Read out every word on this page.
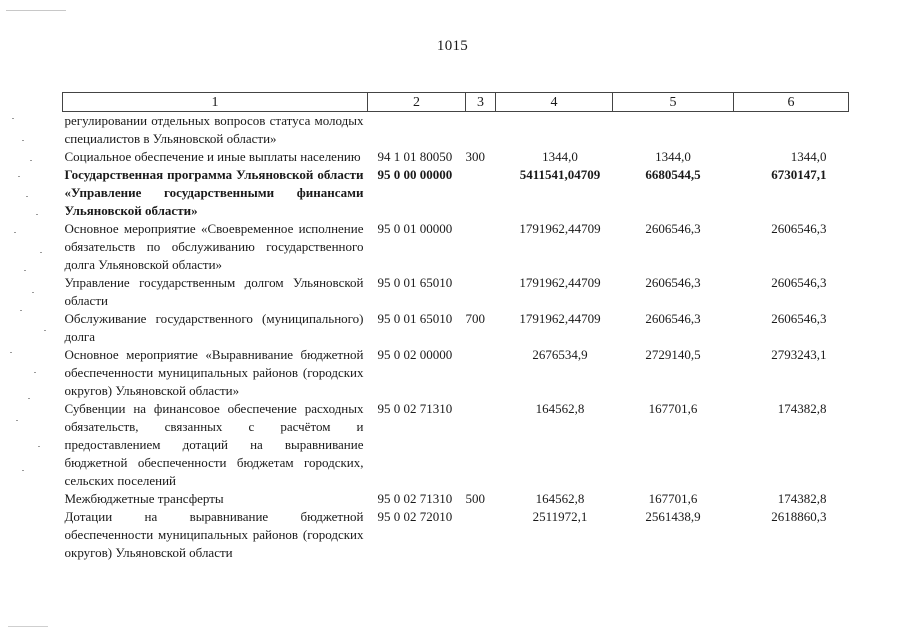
1015
1	2	3	4	5	6
регулировании отдельных вопросов статуса молодых специалистов в Ульяновской области»					
Социальное обеспечение и иные выплаты населению	94 1 01 80050	300	1344,0	1344,0	1344,0
Государственная программа Ульяновской области «Управление государственными финансами Ульяновской области»	95 0 00 00000		5411541,04709	6680544,5	6730147,1
Основное мероприятие «Своевременное исполнение обязательств по обслуживанию государственного долга Ульяновской области»	95 0 01 00000		1791962,44709	2606546,3	2606546,3
Управление государственным долгом Ульяновской области	95 0 01 65010		1791962,44709	2606546,3	2606546,3
Обслуживание государственного (муниципального) долга	95 0 01 65010	700	1791962,44709	2606546,3	2606546,3
Основное мероприятие «Выравнивание бюджетной обеспеченности муниципальных районов (городских округов) Ульяновской области»	95 0 02 00000		2676534,9	2729140,5	2793243,1
Субвенции на финансовое обеспечение расходных обязательств, связанных с расчётом и предоставлением дотаций на выравнивание бюджетной обеспеченности бюджетам городских, сельских поселений	95 0 02 71310		164562,8	167701,6	174382,8
Межбюджетные трансферты	95 0 02 71310	500	164562,8	167701,6	174382,8
Дотации на выравнивание бюджетной обеспеченности муниципальных районов (городских округов) Ульяновской области	95 0 02 72010		2511972,1	2561438,9	2618860,3
